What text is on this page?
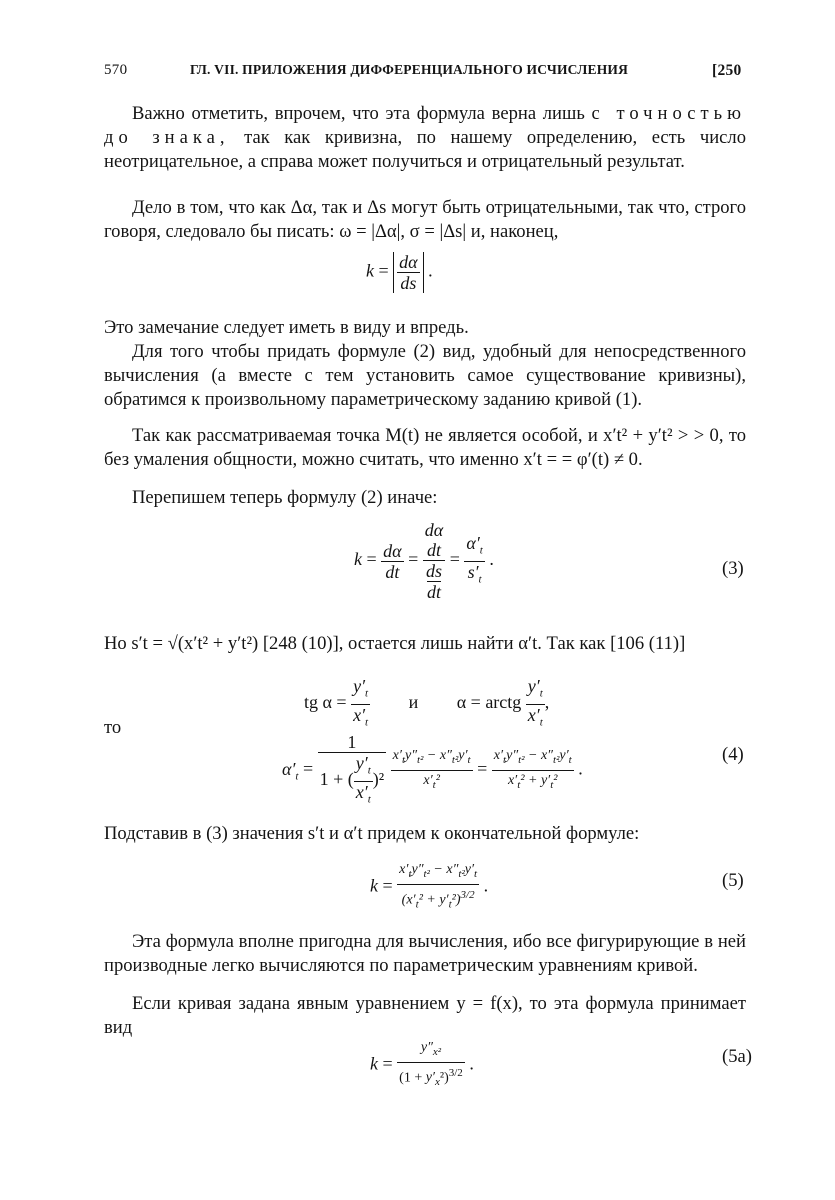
570	ГЛ. VII. ПРИЛОЖЕНИЯ ДИФФЕРЕНЦИАЛЬНОГО ИСЧИСЛЕНИЯ	[250

Важно отметить, впрочем, что эта формула верна лишь с точностью до знака, так как кривизна, по нашему определению, есть число неотрицательное, а справа может получиться и отрицательный результат.

Дело в том, что как Δα, так и Δs могут быть отрицательными, так что, строго говоря, следовало бы писать: ω = |Δα|, σ = |Δs| и, наконец,

$k = \frac{d\alpha}{ds}$ .

Это замечание следует иметь в виду и впредь.

Для того чтобы придать формуле (2) вид, удобный для непосредственного вычисления (а вместе с тем установить самое существование кривизны), обратимся к произвольному параметрическому заданию кривой (1).

Так как рассматриваемая точка M(t) не является особой, и x′t² + y′t² > > 0, то без умаления общности, можно считать, что именно x′t = = φ′(t) ≠ 0.

Перепишем теперь формулу (2) иначе:

$k = \frac{d\alpha}{dt}$ =
dα
dt
ds
dt
= $\frac{\alpha'_t}{s'_t}$ .	(3)

Но s′t = √(x′t² + y′t²) [248 (10)], остается лишь найти α′t. Так как [106 (11)]

tg $\alpha = \frac{y'_t}{x'_t}$ и α = arctg $\frac{y'_t}{x'_t}$ ,

то

$\alpha'_t = \frac{1}{1 + ( \frac{y'_t}{x'_t} )^2}$
$\frac{x'_ty''_{t^2} - x''_{t^2}y'_t}{x'_t^2} = \frac{x'_ty''_{t^2} - x''_{t^2}y'_t}{x'_t^2 + y'_t^2}$ .
(4)

Подставив в (3) значения s′t и α′t придем к окончательной формуле:

$k = \frac{x'_ty''_{t^2} - x''_{t^2}y'_t}{(x'_t^2 + y'_t^2)^{3/2}}$ .	(5)

Эта формула вполне пригодна для вычисления, ибо все фигурирующие в ней производные легко вычисляются по параметрическим уравнениям кривой.

Если кривая задана явным уравнением y = f(x), то эта формула принимает вид

$k = \frac{y''_{x^2}}{(1 + y'_x^2)^{3/2}}$ .	(5a)
